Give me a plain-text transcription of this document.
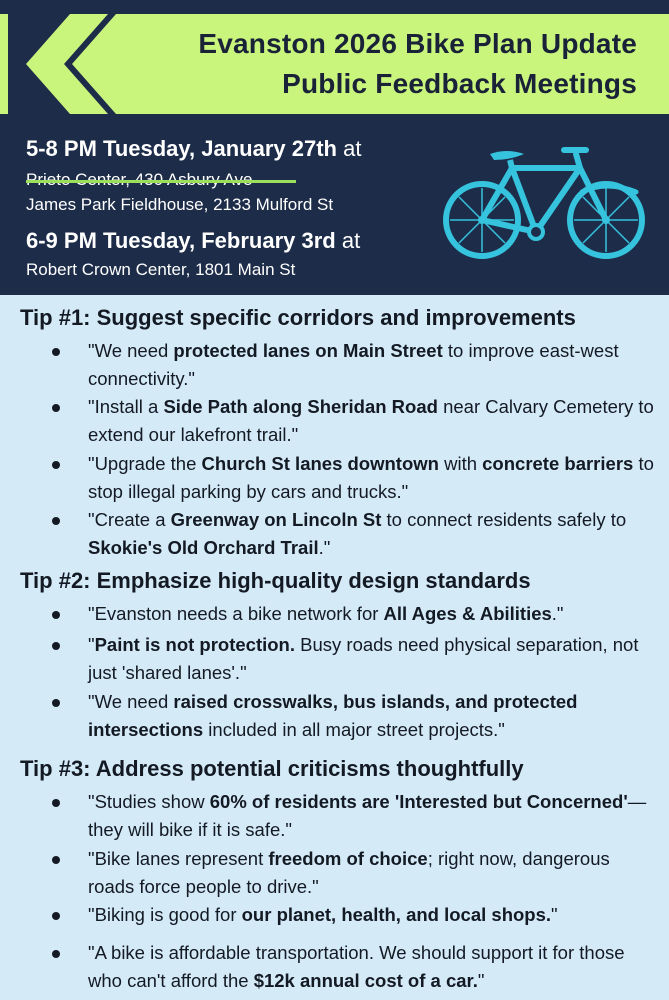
Evanston 2026 Bike Plan Update
Public Feedback Meetings
5-8 PM Tuesday, January 27th at
James Park Fieldhouse, 2133 Mulford St
6-9 PM Tuesday, February 3rd at
Robert Crown Center, 1801 Main St
Tip #1: Suggest specific corridors and improvements
"We need protected lanes on Main Street to improve east-west connectivity."
"Install a Side Path along Sheridan Road near Calvary Cemetery to extend our lakefront trail."
"Upgrade the Church St lanes downtown with concrete barriers to stop illegal parking by cars and trucks."
"Create a Greenway on Lincoln St to connect residents safely to Skokie's Old Orchard Trail."
Tip #2: Emphasize high-quality design standards
"Evanston needs a bike network for All Ages & Abilities."
"Paint is not protection. Busy roads need physical separation, not just 'shared lanes'."
"We need raised crosswalks, bus islands, and protected intersections included in all major street projects."
Tip #3: Address potential criticisms thoughtfully
"Studies show 60% of residents are 'Interested but Concerned'— they will bike if it is safe."
"Bike lanes represent freedom of choice; right now, dangerous roads force people to drive."
"Biking is good for our planet, health, and local shops."
"A bike is affordable transportation. We should support it for those who can't afford the $12k annual cost of a car."
